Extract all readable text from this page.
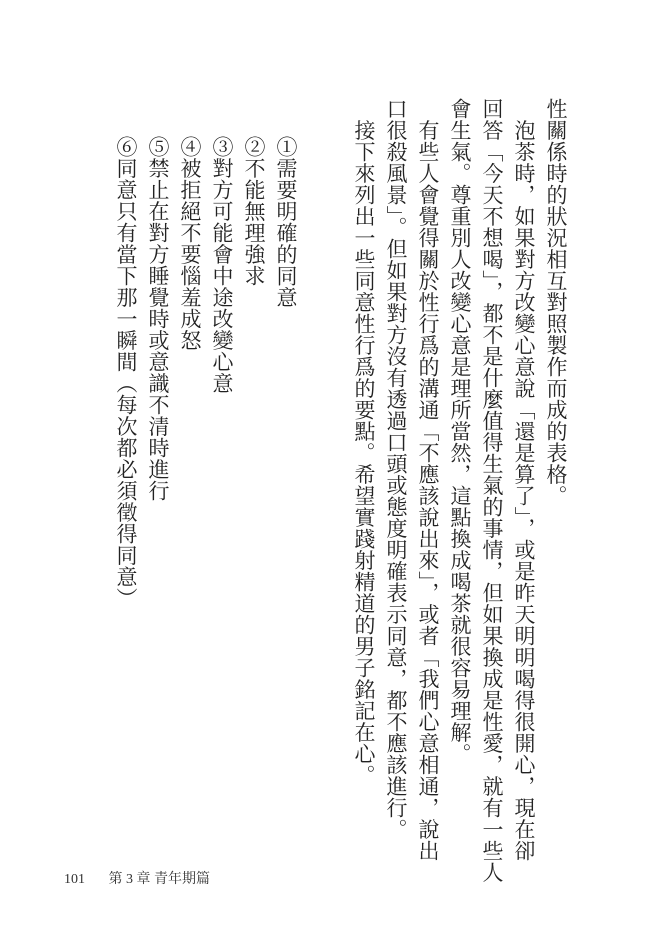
性關係時的狀況相互對照製作而成的表格。
　泡茶時，如果對方改變心意說「還是算了」，或是昨天明明喝得很開心，現在卻
回答「今天不想喝」，都不是什麼值得生氣的事情，但如果換成是性愛，就有一些人
會生氣。尊重別人改變心意是理所當然，這點換成喝茶就很容易理解。
　有些人會覺得關於性行爲的溝通「不應該說出來」，或者「我們心意相通，說出
口很殺風景」。但如果對方沒有透過口頭或態度明確表示同意，都不應該進行。
　接下來列出一些同意性行爲的要點。希望實踐射精道的男子銘記在心。
①需要明確的同意
②不能無理強求
③對方可能會中途改變心意
④被拒絕不要惱羞成怒
⑤禁止在對方睡覺時或意識不清時進行
⑥同意只有當下那一瞬間（每次都必須徵得同意）
101 第 3 章 青年期篇
